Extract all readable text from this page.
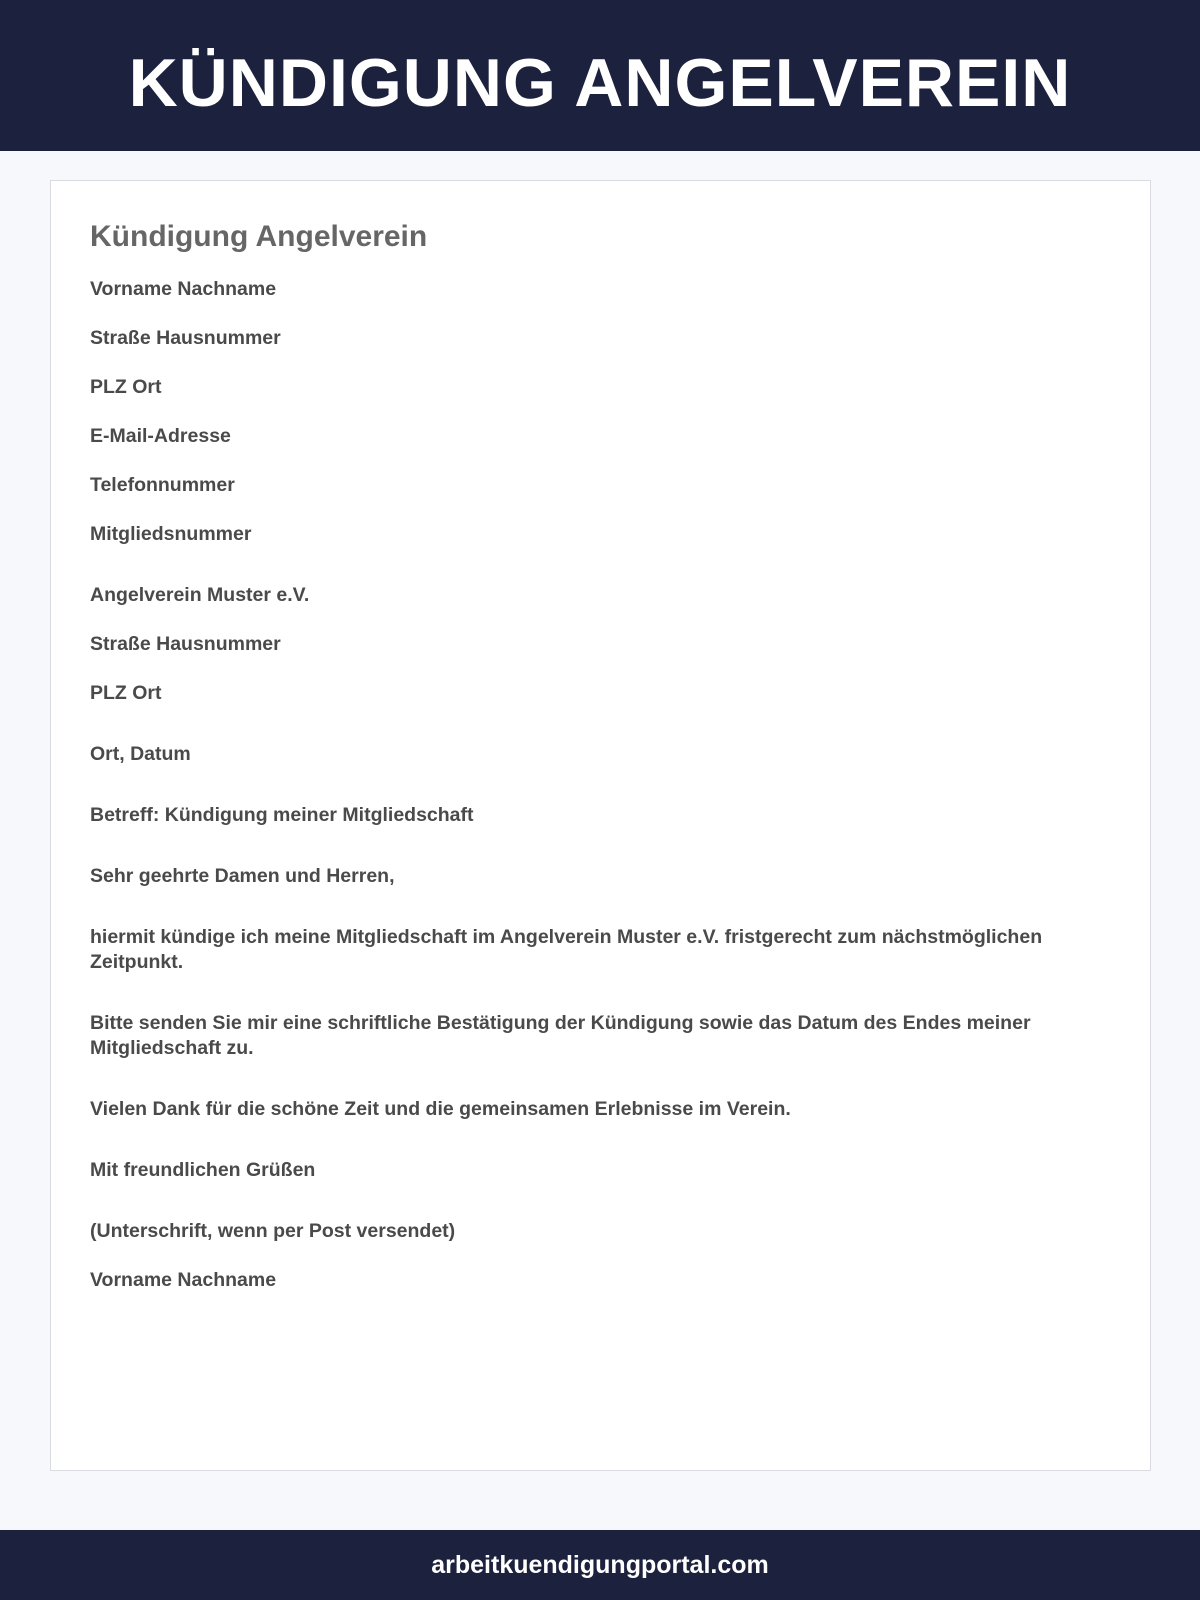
KÜNDIGUNG ANGELVEREIN
Kündigung Angelverein
Vorname Nachname
Straße Hausnummer
PLZ Ort
E-Mail-Adresse
Telefonnummer
Mitgliedsnummer
Angelverein Muster e.V.
Straße Hausnummer
PLZ Ort
Ort, Datum
Betreff: Kündigung meiner Mitgliedschaft
Sehr geehrte Damen und Herren,
hiermit kündige ich meine Mitgliedschaft im Angelverein Muster e.V. fristgerecht zum nächstmöglichen Zeitpunkt.
Bitte senden Sie mir eine schriftliche Bestätigung der Kündigung sowie das Datum des Endes meiner Mitgliedschaft zu.
Vielen Dank für die schöne Zeit und die gemeinsamen Erlebnisse im Verein.
Mit freundlichen Grüßen
(Unterschrift, wenn per Post versendet)
Vorname Nachname
arbeitkuendigungportal.com
